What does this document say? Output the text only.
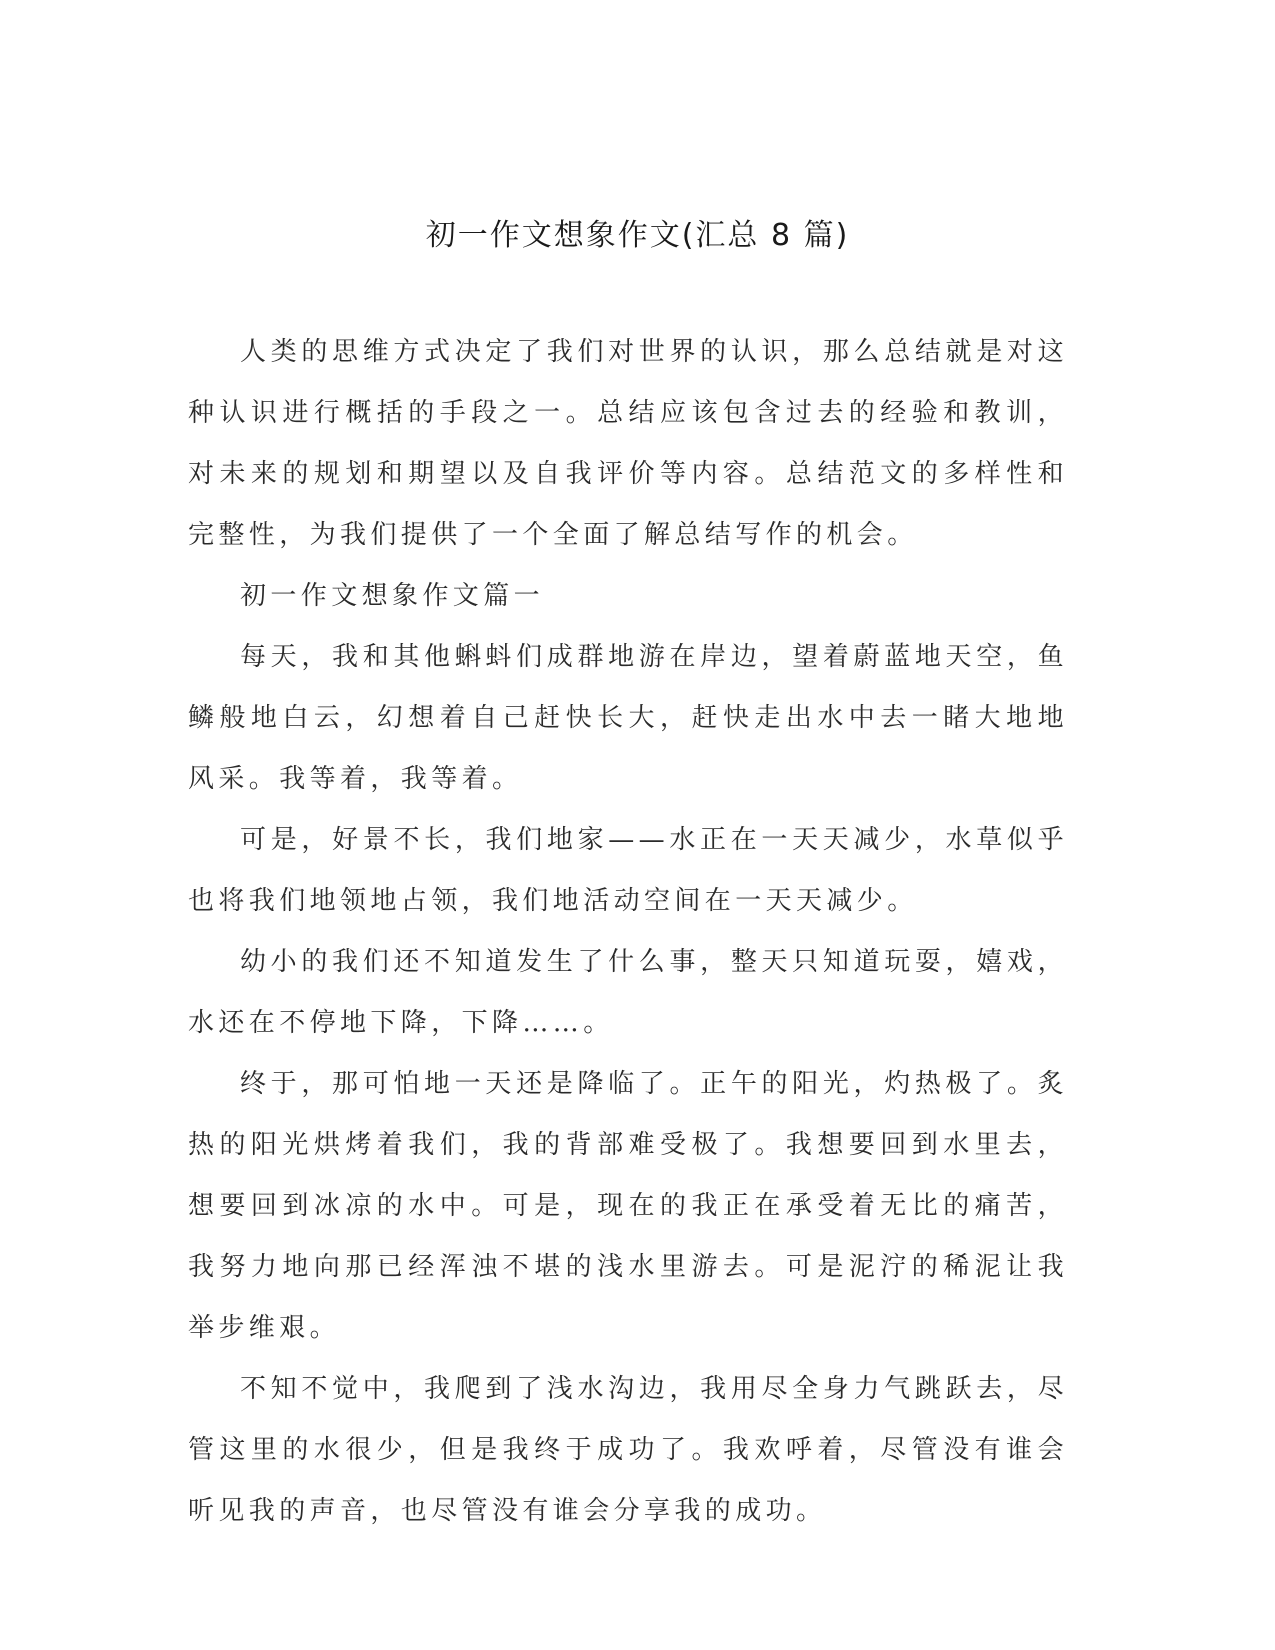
初一作文想象作文(汇总 8 篇)

人类的思维方式决定了我们对世界的认识，那么总结就是对这种认识进行概括的手段之一。总结应该包含过去的经验和教训，对未来的规划和期望以及自我评价等内容。总结范文的多样性和完整性，为我们提供了一个全面了解总结写作的机会。

初一作文想象作文篇一

每天，我和其他蝌蚪们成群地游在岸边，望着蔚蓝地天空，鱼鳞般地白云，幻想着自己赶快长大，赶快走出水中去一睹大地地风采。我等着，我等着。

可是，好景不长，我们地家——水正在一天天减少，水草似乎也将我们地领地占领，我们地活动空间在一天天减少。

幼小的我们还不知道发生了什么事，整天只知道玩耍，嬉戏，水还在不停地下降，下降……。

终于，那可怕地一天还是降临了。正午的阳光，灼热极了。炙热的阳光烘烤着我们，我的背部难受极了。我想要回到水里去，想要回到冰凉的水中。可是，现在的我正在承受着无比的痛苦，我努力地向那已经浑浊不堪的浅水里游去。可是泥泞的稀泥让我举步维艰。

不知不觉中，我爬到了浅水沟边，我用尽全身力气跳跃去，尽管这里的水很少，但是我终于成功了。我欢呼着，尽管没有谁会听见我的声音，也尽管没有谁会分享我的成功。
